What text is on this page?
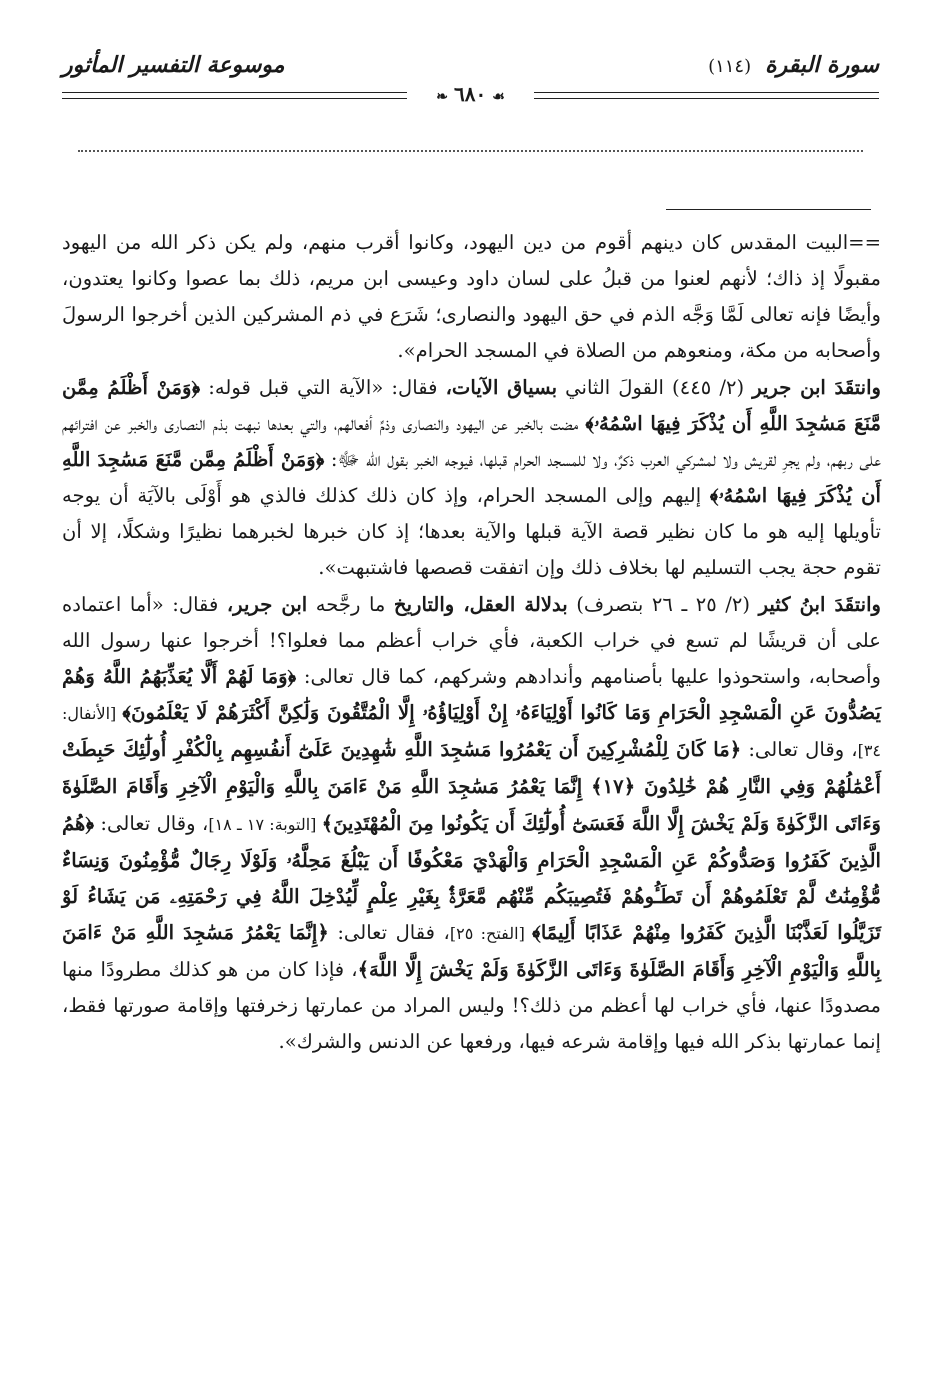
موسوعة التفسير المأثور	سورة البقرة(١١٤)
❧ ٦٨٠ ☙

==البيت المقدس كان دينهم أقوم من دين اليهود، وكانوا أقرب منهم، ولم يكن ذكر الله من اليهود مقبولًا إذ ذاك؛ لأنهم لعنوا من قبلُ على لسان داود وعيسى ابن مريم، ذلك بما عصوا وكانوا يعتدون، وأيضًا فإنه تعالى لَمَّا وَجَّه الذم في حق اليهود والنصارى؛ شَرَع في ذم المشركين الذين أخرجوا الرسولَ وأصحابه من مكة، ومنعوهم من الصلاة في المسجد الحرام».

وانتقَدَ ابن جرير (٢/ ٤٤٥) القولَ الثاني بسياق الآيات، فقال: «الآية التي قبل قوله: ﴿وَمَنْ أَظْلَمُ مِمَّن مَّنَعَ مَسَٰجِدَ اللَّهِ أَن يُذْكَرَ فِيهَا اسْمُهُۥ﴾ مضت بالخبر عن اليهود والنصارى وذمِّ أفعالهم، والتي بعدها نبهت بذم النصارى والخبر عن افترائهم على ربهم، ولم يجرِ لقريش ولا لمشركي العرب ذكرٌ، ولا للمسجد الحرام قبلها، فيوجه الخبر بقول الله ﷻ: ﴿وَمَنْ أَظْلَمُ مِمَّن مَّنَعَ مَسَٰجِدَ اللَّهِ أَن يُذْكَرَ فِيهَا اسْمُهُۥ﴾ إليهم وإلى المسجد الحرام، وإذ كان ذلك كذلك فالذي هو أَوْلَى بالآيَة أن يوجه تأويلها إليه هو ما كان نظير قصة الآية قبلها والآية بعدها؛ إذ كان خبرها لخبرهما نظيرًا وشكلًا، إلا أن تقوم حجة يجب التسليم لها بخلاف ذلك وإن اتفقت قصصها فاشتبهت».

وانتقَدَ ابنُ كثير (٢/ ٢٥ ـ ٢٦ بتصرف) بدلالة العقل، والتاريخ ما رجَّحه ابن جرير، فقال: «أما اعتماده على أن قريشًا لم تسع في خراب الكعبة، فأي خراب أعظم مما فعلوا؟! أخرجوا عنها رسول الله وأصحابه، واستحوذوا عليها بأصنامهم وأندادهم وشركهم، كما قال تعالى: ﴿وَمَا لَهُمْ أَلَّا يُعَذِّبَهُمُ اللَّهُ وَهُمْ يَصُدُّونَ عَنِ الْمَسْجِدِ الْحَرَامِ وَمَا كَانُوا أَوْلِيَاءَهُۥ إِنْ أَوْلِيَاؤُهُۥ إِلَّا الْمُتَّقُونَ وَلَٰكِنَّ أَكْثَرَهُمْ لَا يَعْلَمُونَ﴾ [الأنفال: ٣٤]، وقال تعالى: ﴿مَا كَانَ لِلْمُشْرِكِينَ أَن يَعْمُرُوا مَسَٰجِدَ اللَّهِ شَٰهِدِينَ عَلَىٰٓ أَنفُسِهِم بِالْكُفْرِ أُولَٰٓئِكَ حَبِطَتْ أَعْمَٰلُهُمْ وَفِي النَّارِ هُمْ خَٰلِدُونَ ﴿١٧﴾ إِنَّمَا يَعْمُرُ مَسَٰجِدَ اللَّهِ مَنْ ءَامَنَ بِاللَّهِ وَالْيَوْمِ الْآخِرِ وَأَقَامَ الصَّلَوٰةَ وَءَاتَى الزَّكَوٰةَ وَلَمْ يَخْشَ إِلَّا اللَّهَ فَعَسَىٰٓ أُولَٰٓئِكَ أَن يَكُونُوا مِنَ الْمُهْتَدِينَ﴾ [التوبة: ١٧ ـ ١٨]، وقال تعالى: ﴿هُمُ الَّذِينَ كَفَرُوا وَصَدُّوكُمْ عَنِ الْمَسْجِدِ الْحَرَامِ وَالْهَدْيَ مَعْكُوفًا أَن يَبْلُغَ مَحِلَّهُۥ وَلَوْلَا رِجَالٌ مُّؤْمِنُونَ وَنِسَاءٌ مُّؤْمِنَٰتٌ لَّمْ تَعْلَمُوهُمْ أَن تَطَـُٔوهُمْ فَتُصِيبَكُم مِّنْهُم مَّعَرَّةٌۢ بِغَيْرِ عِلْمٍ لِّيُدْخِلَ اللَّهُ فِي رَحْمَتِهِۦ مَن يَشَاءُ لَوْ تَزَيَّلُوا لَعَذَّبْنَا الَّذِينَ كَفَرُوا مِنْهُمْ عَذَابًا أَلِيمًا﴾ [الفتح: ٢٥]، فقال تعالى: ﴿إِنَّمَا يَعْمُرُ مَسَٰجِدَ اللَّهِ مَنْ ءَامَنَ بِاللَّهِ وَالْيَوْمِ الْآخِرِ وَأَقَامَ الصَّلَوٰةَ وَءَاتَى الزَّكَوٰةَ وَلَمْ يَخْشَ إِلَّا اللَّهَ﴾، فإذا كان من هو كذلك مطرودًا منها مصدودًا عنها، فأي خراب لها أعظم من ذلك؟! وليس المراد من عمارتها زخرفتها وإقامة صورتها فقط، إنما عمارتها بذكر الله فيها وإقامة شرعه فيها، ورفعها عن الدنس والشرك».
